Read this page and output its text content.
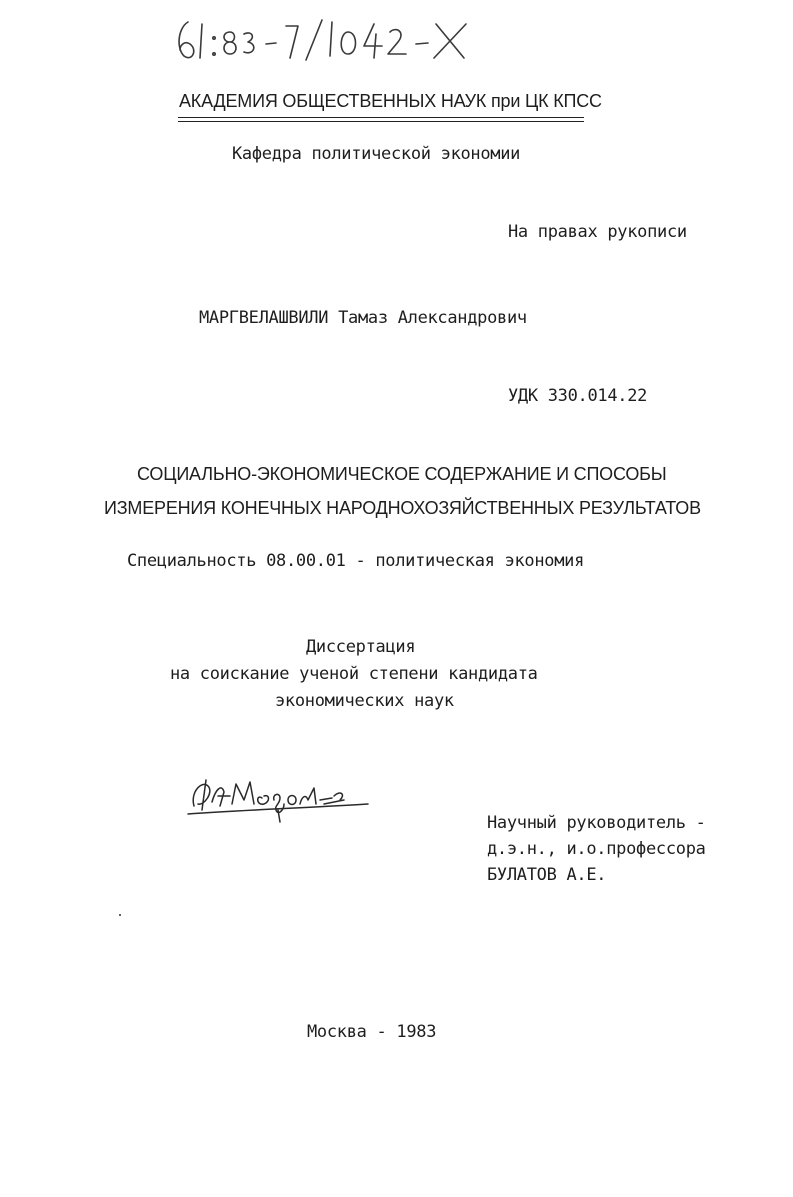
АКАДЕМИЯ ОБЩЕСТВЕННЫХ НАУК при ЦК КПСС
Кафедра политической экономии
На правах рукописи
МАРГВЕЛАШВИЛИ Тамаз Александрович
УДК 330.014.22
СОЦИАЛЬНО-ЭКОНОМИЧЕСКОЕ СОДЕРЖАНИЕ И СПОСОБЫ
ИЗМЕРЕНИЯ КОНЕЧНЫХ НАРОДНОХОЗЯЙСТВЕННЫХ РЕЗУЛЬТАТОВ
Специальность 08.00.01 - политическая экономия
Диссертация
на соискание ученой степени кандидата
экономических наук
Научный руководитель -
д.э.н., и.о.профессора
БУЛАТОВ А.Е.
Москва - 1983
